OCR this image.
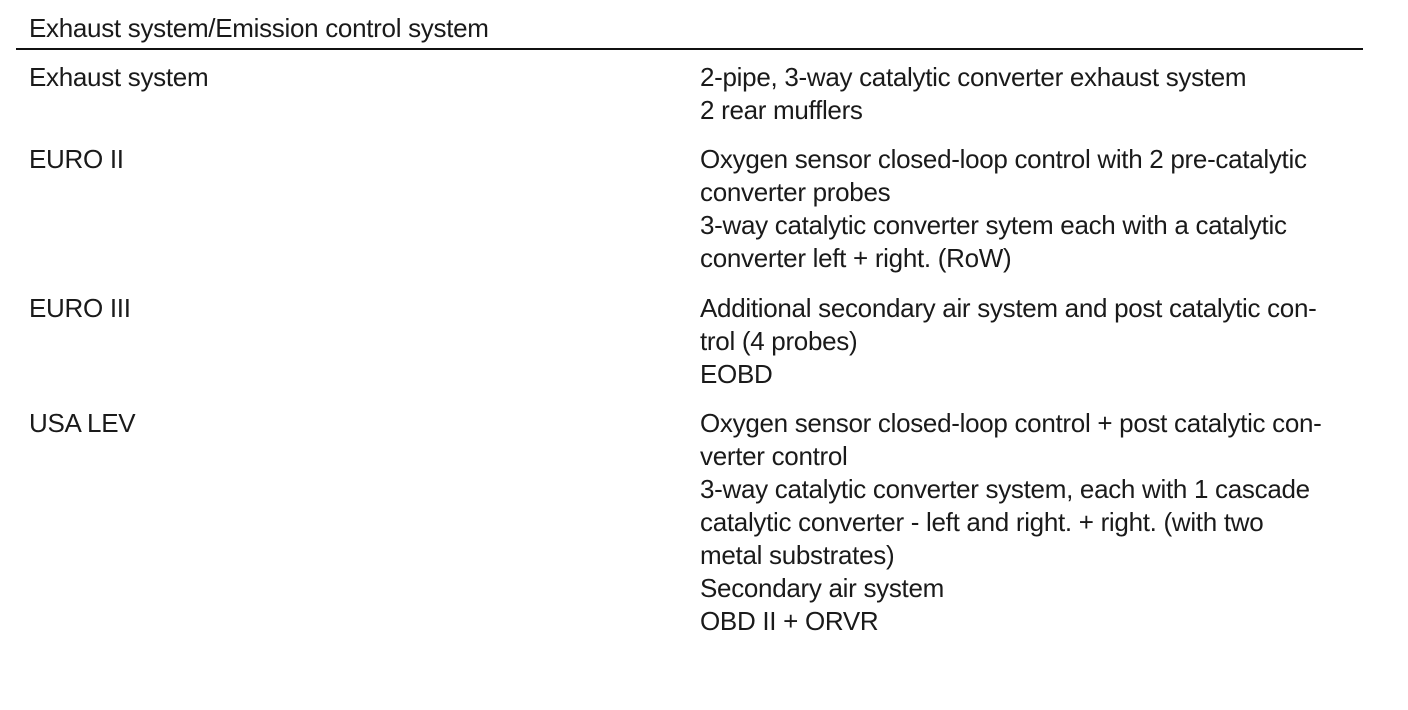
Exhaust system/Emission control system
Exhaust system	2-pipe, 3-way catalytic converter exhaust system
2 rear mufflers
EURO II	Oxygen sensor closed-loop control with 2 pre-catalytic
converter probes
3-way catalytic converter sytem each with a catalytic
converter left + right. (RoW)
EURO III	Additional secondary air system and post catalytic con-
trol (4 probes)
EOBD
USA LEV	Oxygen sensor closed-loop control + post catalytic con-
verter control
3-way catalytic converter system, each with 1 cascade
catalytic converter - left and right. + right. (with two
metal substrates)
Secondary air system
OBD II + ORVR
